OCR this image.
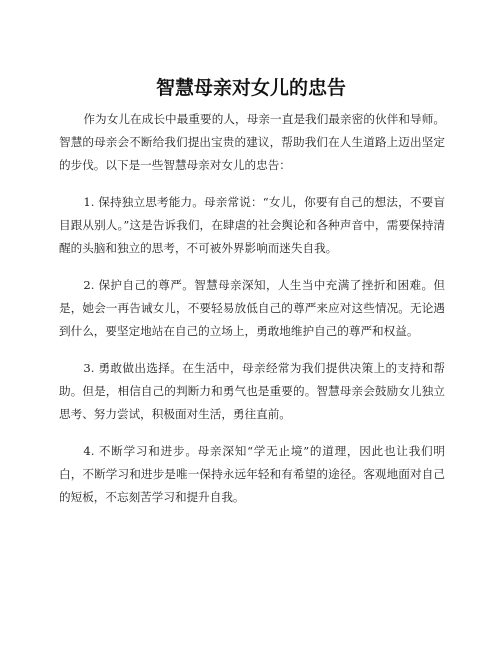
智慧母亲对女儿的忠告

作为女儿在成长中最重要的人，母亲一直是我们最亲密的伙伴和导师。智慧的母亲会不断给我们提出宝贵的建议，帮助我们在人生道路上迈出坚定的步伐。以下是一些智慧母亲对女儿的忠告：

1. 保持独立思考能力。母亲常说：“女儿，你要有自己的想法，不要盲目跟从别人。”这是告诉我们，在肆虐的社会舆论和各种声音中，需要保持清醒的头脑和独立的思考，不可被外界影响而迷失自我。

2. 保护自己的尊严。智慧母亲深知，人生当中充满了挫折和困难。但是，她会一再告诫女儿，不要轻易放低自己的尊严来应对这些情况。无论遇到什么，要坚定地站在自己的立场上，勇敢地维护自己的尊严和权益。

3. 勇敢做出选择。在生活中，母亲经常为我们提供决策上的支持和帮助。但是，相信自己的判断力和勇气也是重要的。智慧母亲会鼓励女儿独立思考、努力尝试，积极面对生活，勇往直前。

4. 不断学习和进步。母亲深知“学无止境”的道理，因此也让我们明白，不断学习和进步是唯一保持永远年轻和有希望的途径。客观地面对自己的短板，不忘刻苦学习和提升自我。
